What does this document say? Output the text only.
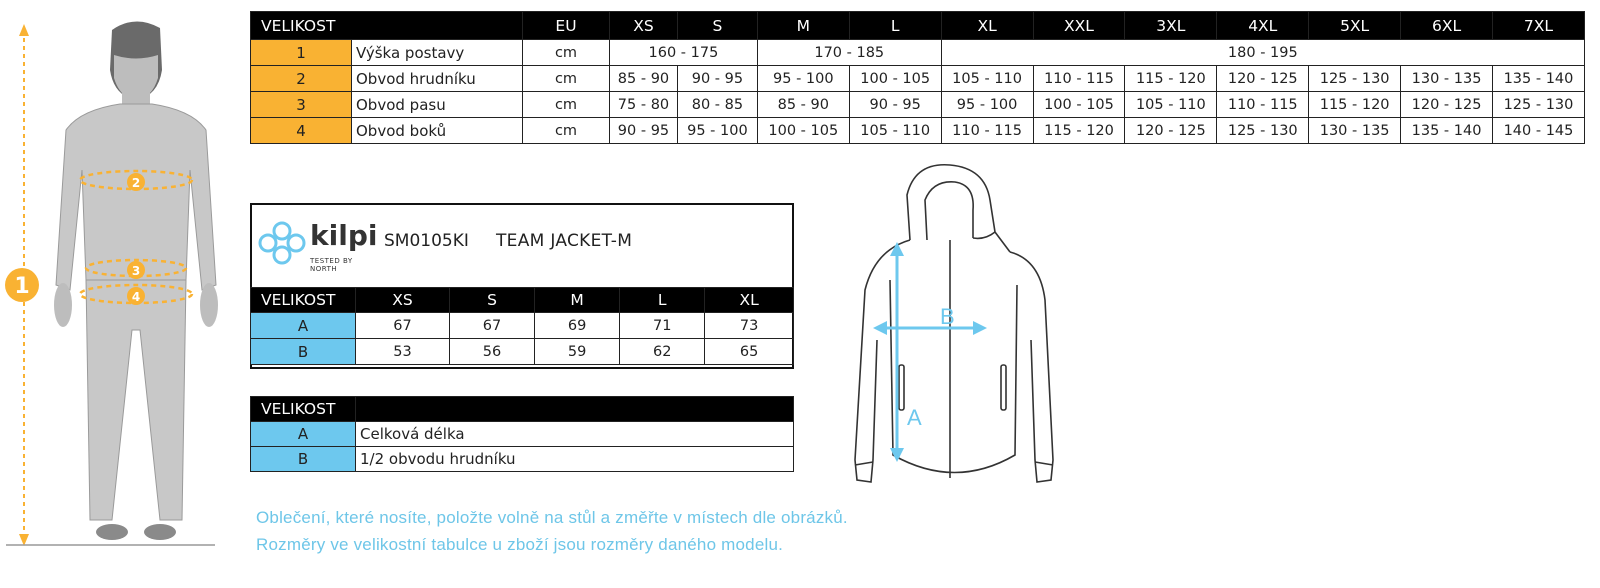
1
2
3
4
VELIKOST		EU	XS	S	M	L	XL	XXL	3XL	4XL	5XL	6XL	7XL
1	Výška postavy	cm	160 - 175		170 - 185		180 - 195						
2	Obvod hrudníku	cm	85 - 90	90 - 95	95 - 100	100 - 105	105 - 110	110 - 115	115 - 120	120 - 125	125 - 130	130 - 135	135 - 140
3	Obvod pasu	cm	75 - 80	80 - 85	85 - 90	90 - 95	95 - 100	100 - 105	105 - 110	110 - 115	115 - 120	120 - 125	125 - 130
4	Obvod boků	cm	90 - 95	95 - 100	100 - 105	105 - 110	110 - 115	115 - 120	120 - 125	125 - 130	130 - 135	135 - 140	140 - 145
kilpi
TESTED BY NORTH
SM0105KI TEAM JACKET-M
VELIKOST	XS	S	M	L	XL
A	67	67	69	71	73
B	53	56	59	62	65
VELIKOST	
A	Celková délka
B	1/2 obvodu hrudníku
A
B
Oblečení, které nosíte, položte volně na stůl a změřte v místech dle obrázků.
Rozměry ve velikostní tabulce u zboží jsou rozměry daného modelu.
